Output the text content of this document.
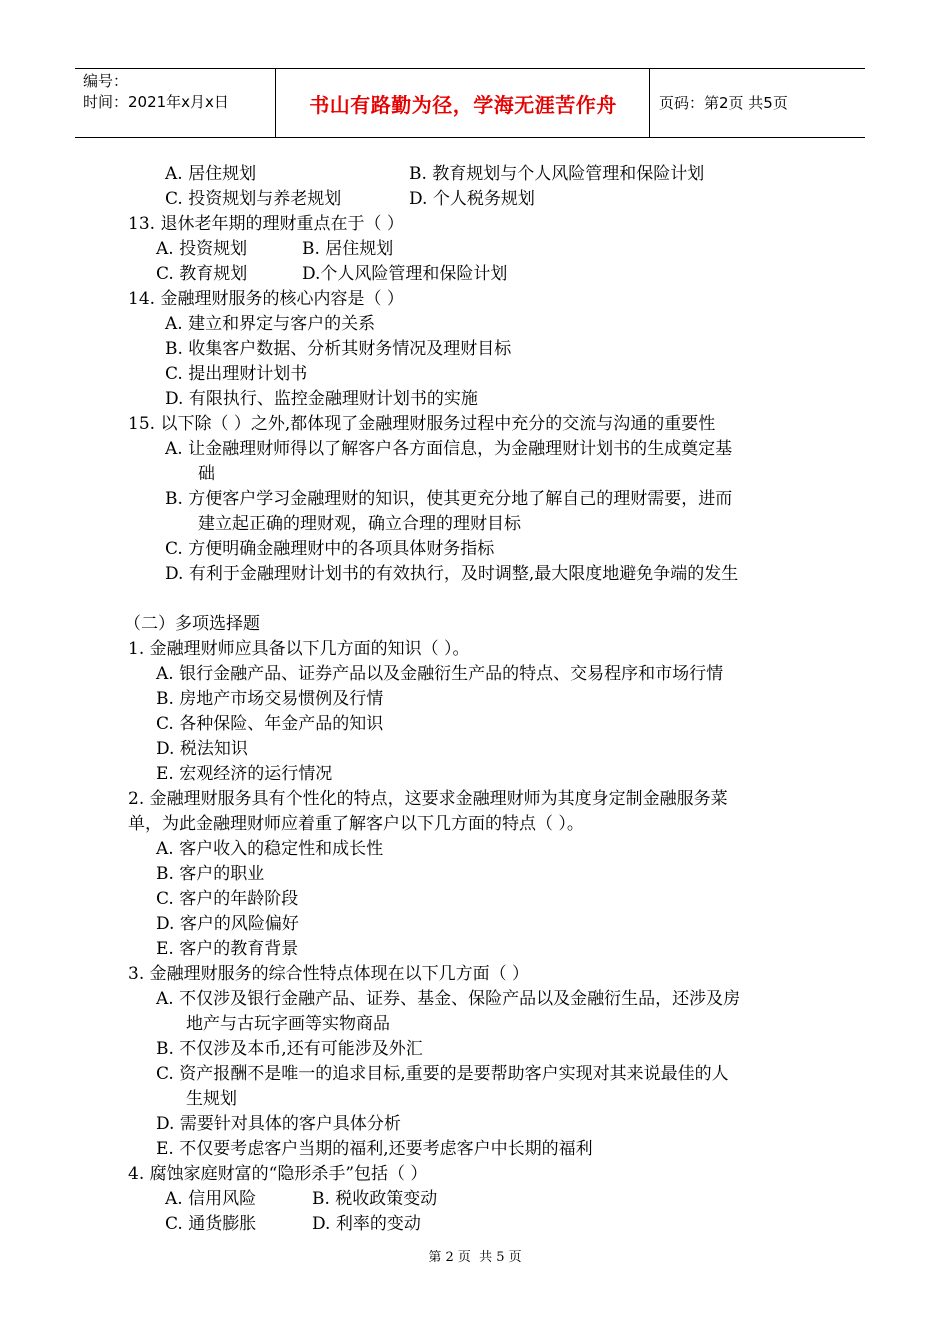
编号：
时间：2021年x月x日	书山有路勤为径，学海无涯苦作舟	页码：第2页 共5页
A. 居住规划	B. 教育规划与个人风险管理和保险计划
C. 投资规划与养老规划	D. 个人税务规划
13. 退休老年期的理财重点在于（ ）
A. 投资规划	B. 居住规划
C. 教育规划	D.个人风险管理和保险计划
14. 金融理财服务的核心内容是（ ）
A. 建立和界定与客户的关系
B. 收集客户数据、分析其财务情况及理财目标
C. 提出理财计划书
D. 有限执行、监控金融理财计划书的实施
15. 以下除（ ）之外,都体现了金融理财服务过程中充分的交流与沟通的重要性
A. 让金融理财师得以了解客户各方面信息，为金融理财计划书的生成奠定基
础
B. 方便客户学习金融理财的知识，使其更充分地了解自己的理财需要，进而
建立起正确的理财观，确立合理的理财目标
C. 方便明确金融理财中的各项具体财务指标
D. 有利于金融理财计划书的有效执行，及时调整,最大限度地避免争端的发生
（二）多项选择题
1. 金融理财师应具备以下几方面的知识（ ）。
A. 银行金融产品、证券产品以及金融衍生产品的特点、交易程序和市场行情
B. 房地产市场交易惯例及行情
C. 各种保险、年金产品的知识
D. 税法知识
E. 宏观经济的运行情况
2. 金融理财服务具有个性化的特点，这要求金融理财师为其度身定制金融服务菜
单，为此金融理财师应着重了解客户以下几方面的特点（ ）。
A. 客户收入的稳定性和成长性
B. 客户的职业
C. 客户的年龄阶段
D. 客户的风险偏好
E. 客户的教育背景
3. 金融理财服务的综合性特点体现在以下几方面（ ）
A. 不仅涉及银行金融产品、证券、基金、保险产品以及金融衍生品，还涉及房
地产与古玩字画等实物商品
B. 不仅涉及本币,还有可能涉及外汇
C. 资产报酬不是唯一的追求目标,重要的是要帮助客户实现对其来说最佳的人
生规划
D. 需要针对具体的客户具体分析
E. 不仅要考虑客户当期的福利,还要考虑客户中长期的福利
4. 腐蚀家庭财富的“隐形杀手”包括（ ）
A. 信用风险	B. 税收政策变动
C. 通货膨胀	D. 利率的变动
第 2 页  共 5 页
